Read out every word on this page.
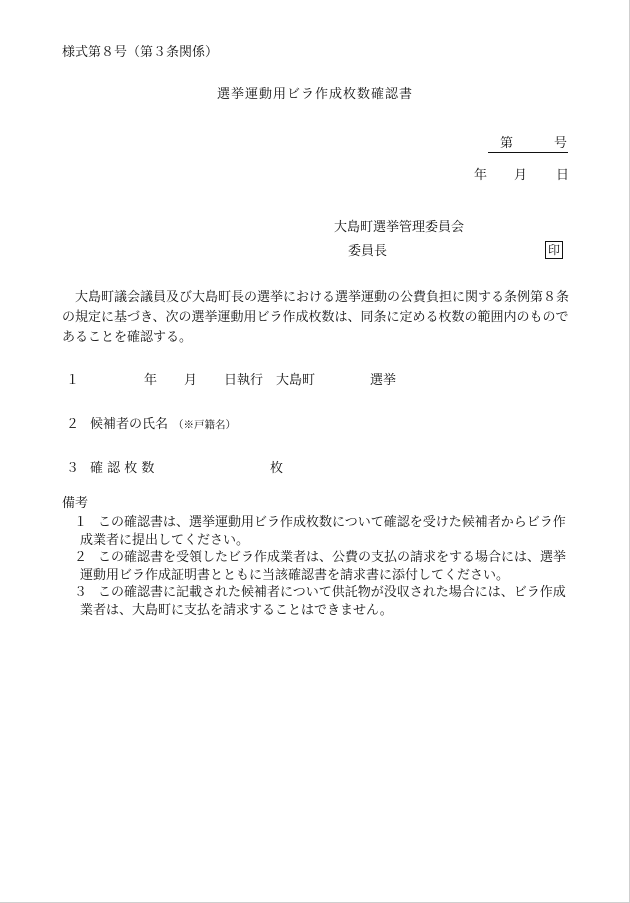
様式第８号（第３条関係）
選挙運動用ビラ作成枚数確認書
第	号
年 月 日
大島町選挙管理委員会
委員長	印
大島町議会議員及び大島町長の選挙における選挙運動の公費負担に関する条例第８条の規定に基づき、次の選挙運動用ビラ作成枚数は、同条に定める枚数の範囲内のものであることを確認する。
１	年 月 日執行 大島町	選挙
２ 候補者の氏名 （※戸籍名）
３ 確 認 枚 数	枚
備考
１ この確認書は、選挙運動用ビラ作成枚数について確認を受けた候補者からビラ作成業者に提出してください。
２ この確認書を受領したビラ作成業者は、公費の支払の請求をする場合には、選挙運動用ビラ作成証明書とともに当該確認書を請求書に添付してください。
３ この確認書に記載された候補者について供託物が没収された場合には、ビラ作成業者は、大島町に支払を請求することはできません。
